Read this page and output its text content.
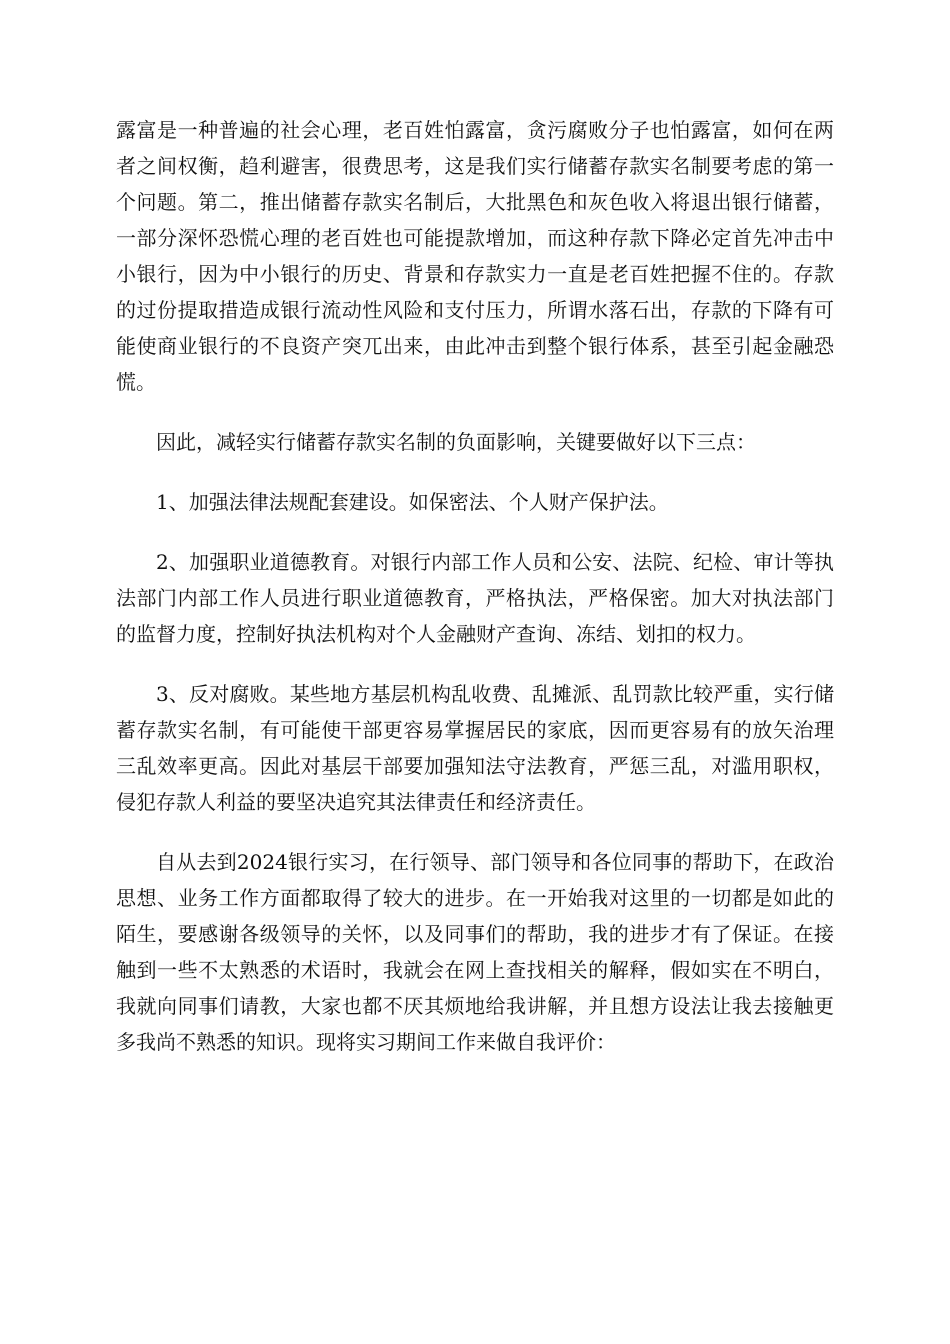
露富是一种普遍的社会心理，老百姓怕露富，贪污腐败分子也怕露富，如何在两者之间权衡，趋利避害，很费思考，这是我们实行储蓄存款实名制要考虑的第一个问题。第二，推出储蓄存款实名制后，大批黑色和灰色收入将退出银行储蓄，一部分深怀恐慌心理的老百姓也可能提款增加，而这种存款下降必定首先冲击中小银行，因为中小银行的历史、背景和存款实力一直是老百姓把握不住的。存款的过份提取措造成银行流动性风险和支付压力，所谓水落石出，存款的下降有可能使商业银行的不良资产突兀出来，由此冲击到整个银行体系，甚至引起金融恐慌。

因此，减轻实行储蓄存款实名制的负面影响，关键要做好以下三点：

1、加强法律法规配套建设。如保密法、个人财产保护法。

2、加强职业道德教育。对银行内部工作人员和公安、法院、纪检、审计等执法部门内部工作人员进行职业道德教育，严格执法，严格保密。加大对执法部门的监督力度，控制好执法机构对个人金融财产查询、冻结、划扣的权力。

3、反对腐败。某些地方基层机构乱收费、乱摊派、乱罚款比较严重，实行储蓄存款实名制，有可能使干部更容易掌握居民的家底，因而更容易有的放矢治理三乱效率更高。因此对基层干部要加强知法守法教育，严惩三乱，对滥用职权，侵犯存款人利益的要坚决追究其法律责任和经济责任。

自从去到2024银行实习，在行领导、部门领导和各位同事的帮助下，在政治思想、业务工作方面都取得了较大的进步。在一开始我对这里的一切都是如此的陌生，要感谢各级领导的关怀，以及同事们的帮助，我的进步才有了保证。在接触到一些不太熟悉的术语时，我就会在网上查找相关的解释，假如实在不明白，我就向同事们请教，大家也都不厌其烦地给我讲解，并且想方设法让我去接触更多我尚不熟悉的知识。现将实习期间工作来做自我评价：
